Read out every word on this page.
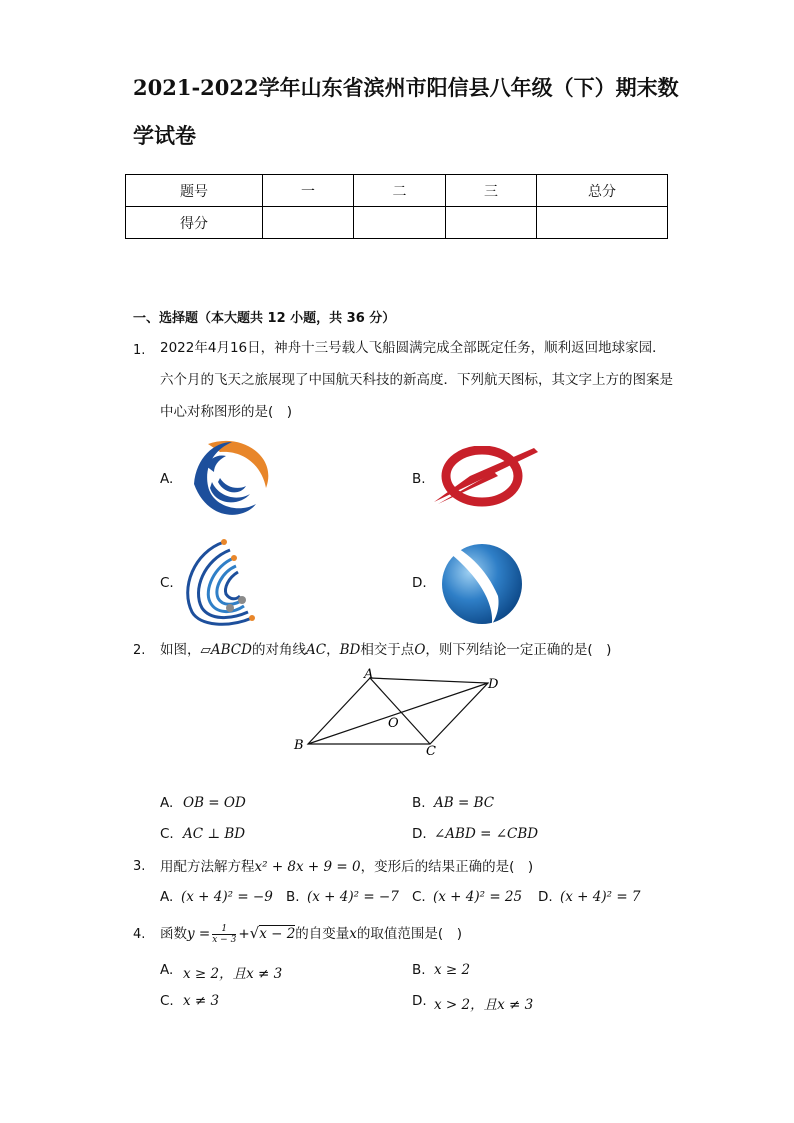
2021-2022学年山东省滨州市阳信县八年级（下）期末数学试卷
题号	一	二	三	总分
得分				
一、选择题（本大题共 12 小题，共 36 分）
1. 2022年4月16日，神舟十三号载人飞船圆满完成全部既定任务，顺利返回地球家园．六个月的飞天之旅展现了中国航天科技的新高度．下列航天图标，其文字上方的图案是中心对称图形的是(　)

A.	B.
C.	D.
2. 如图，▱ABCD的对角线AC，BD相交于点O，则下列结论一定正确的是(　)
A
D
O
B	C
A. OB = OD	B. AB = BC
C. AC ⊥ BD	D. ∠ABD = ∠CBD
3. 用配方法解方程x² + 8x + 9 = 0，变形后的结果正确的是(　)
A. (x + 4)² = −9 B. (x + 4)² = −7 C. (x + 4)² = 25 D. (x + 4)² = 7
4. 函数$y = \frac{1}{x - 3} +√x - 2$的自变量x的取值范围是(　)
A. x ≥ 2，且x ≠ 3	B. x ≥ 2
C. x ≠ 3	D. x > 2，且x ≠ 3
